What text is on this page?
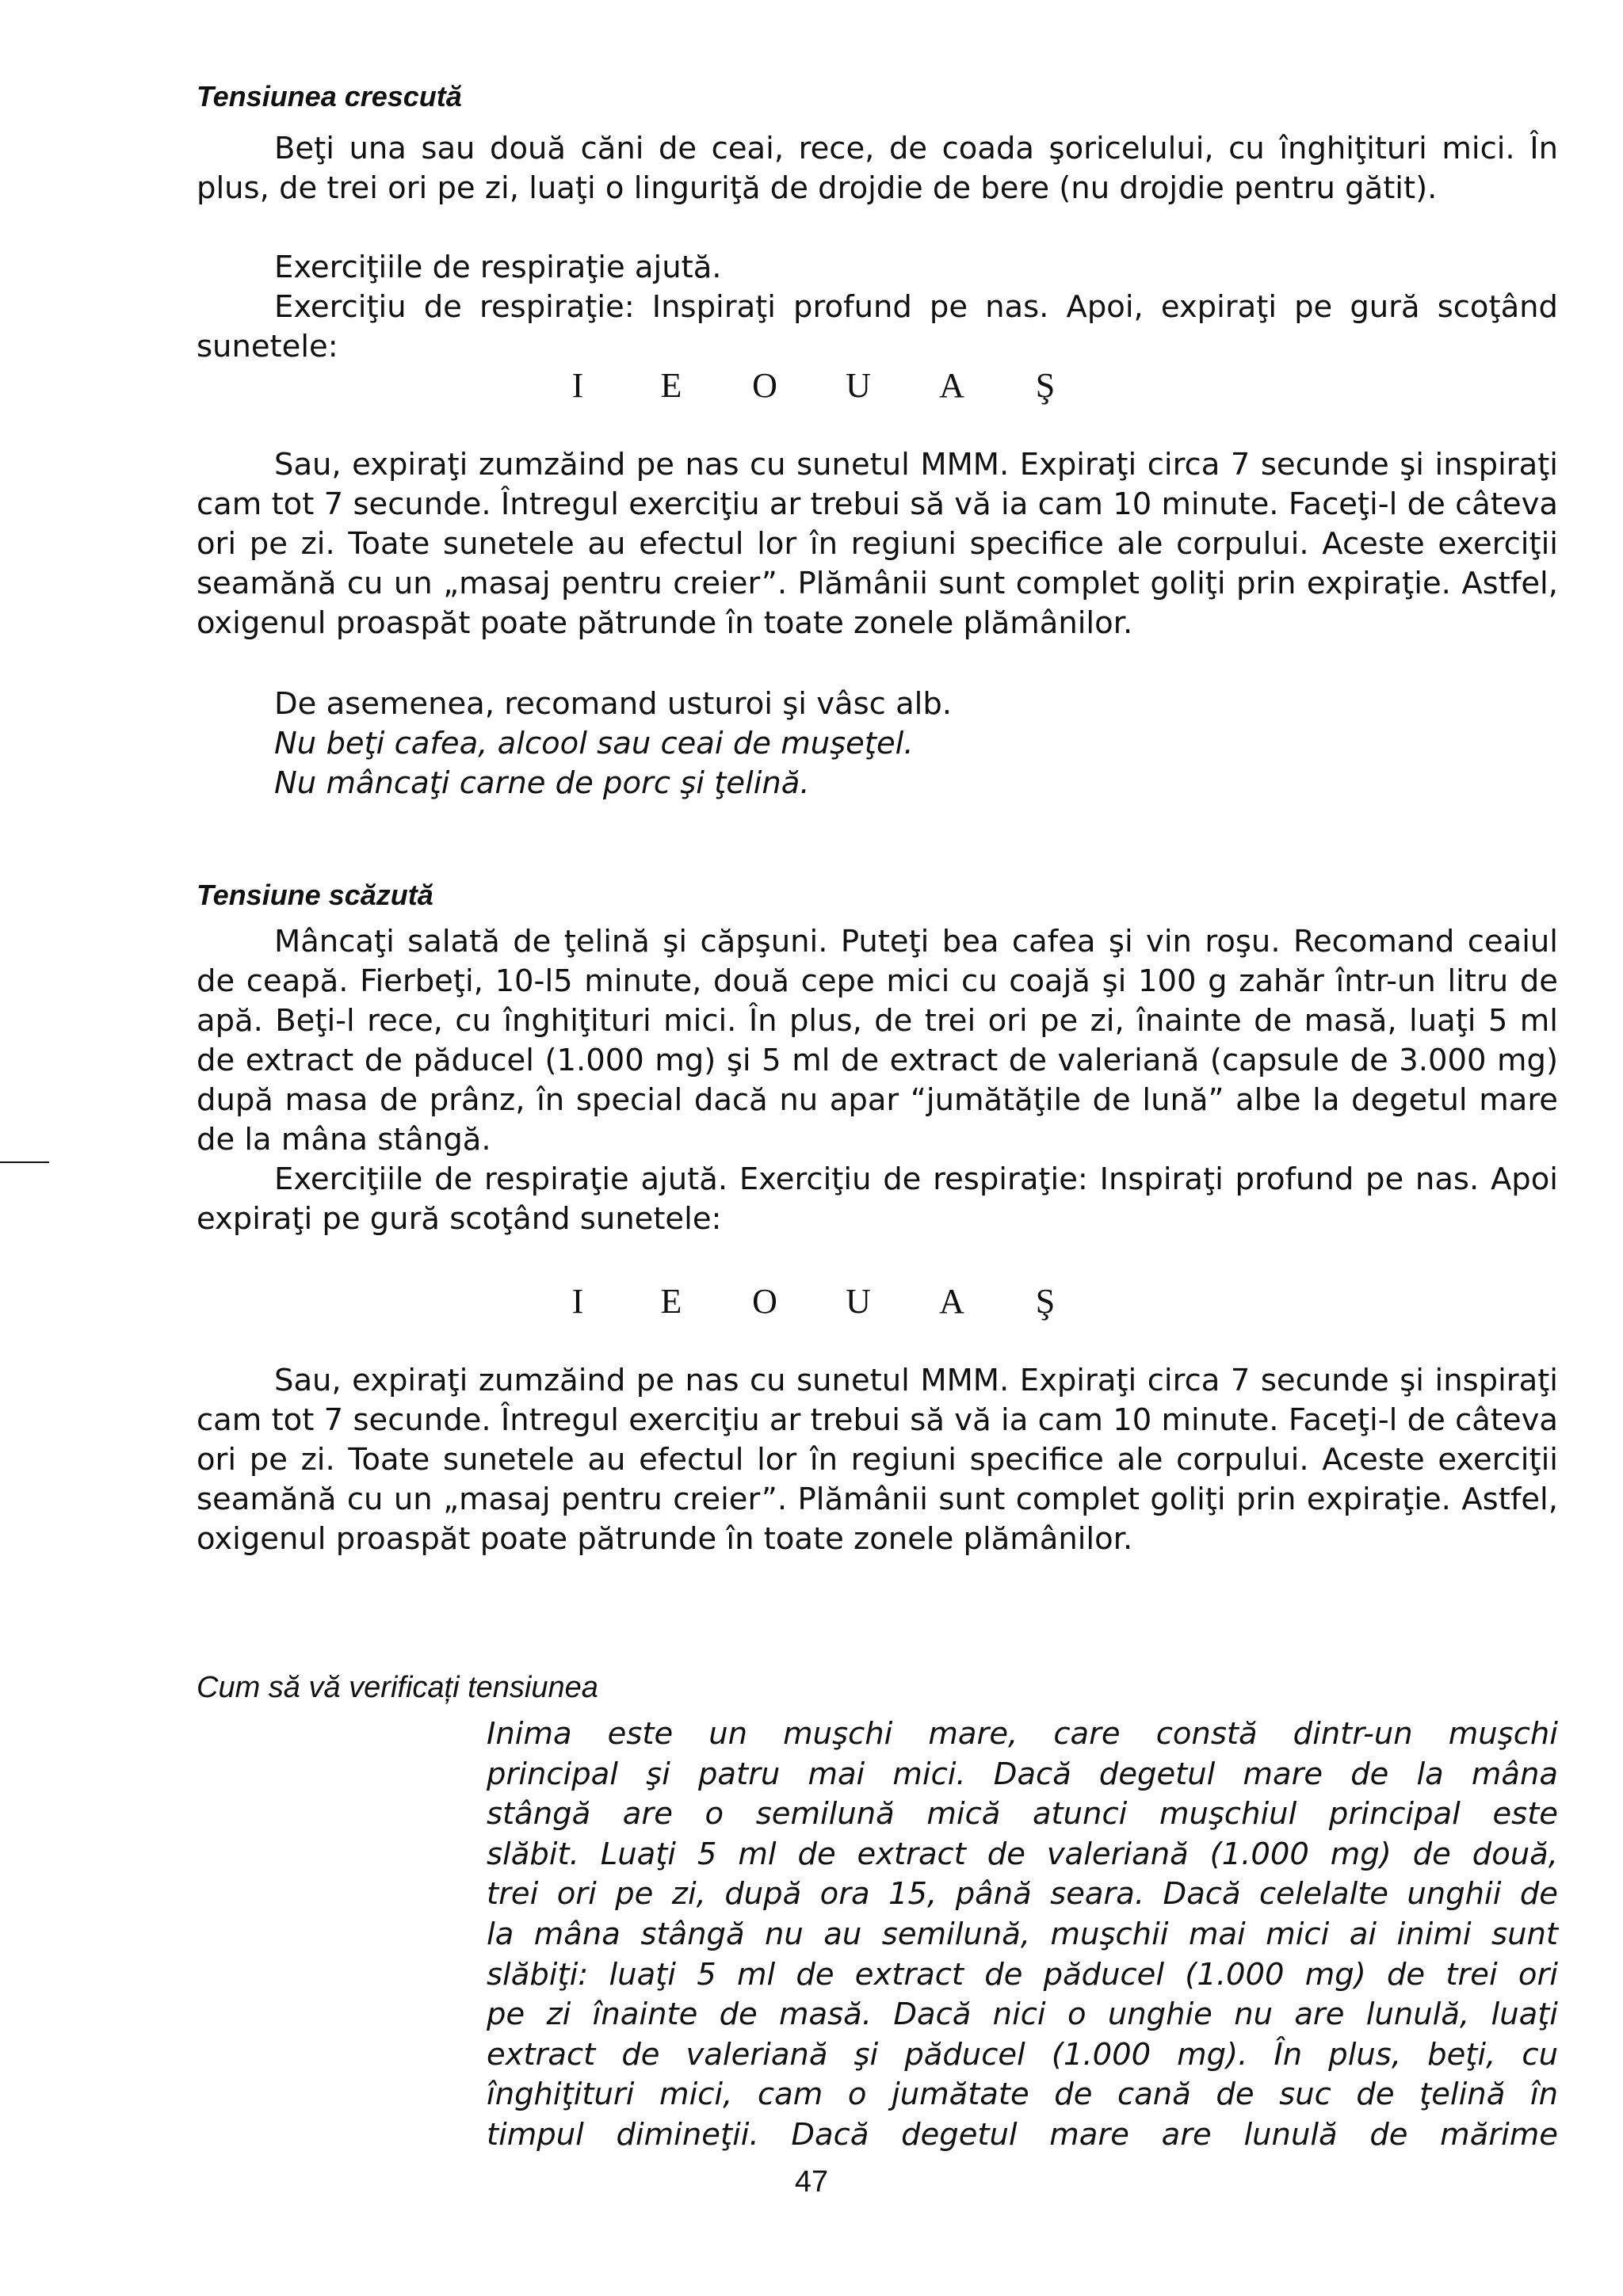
Tensiunea crescută
Beţi una sau două căni de ceai, rece, de coada şoricelului, cu înghiţituri mici. În plus, de trei ori pe zi, luaţi o linguriţă de drojdie de bere (nu drojdie pentru gătit).
Exerciţiile de respiraţie ajută.
Exerciţiu de respiraţie: Inspiraţi profund pe nas. Apoi, expiraţi pe gură scoţând sunetele:
I	E	O U A	Ş
Sau, expiraţi zumzăind pe nas cu sunetul MMM. Expiraţi circa 7 secunde şi inspiraţi cam tot 7 secunde. Întregul exerciţiu ar trebui să vă ia cam 10 minute. Faceţi-l de câteva ori pe zi. Toate sunetele au efectul lor în regiuni specifice ale corpului. Aceste exerciţii seamănă cu un „masaj pentru creier”. Plămânii sunt complet goliţi prin expiraţie. Astfel, oxigenul proaspăt poate pătrunde în toate zonele plămânilor.
De asemenea, recomand usturoi şi vâsc alb.
Nu beţi cafea, alcool sau ceai de muşeţel.
Nu mâncaţi carne de porc şi ţelină.
Tensiune scăzută
Mâncaţi salată de ţelină şi căpşuni. Puteţi bea cafea şi vin roşu. Recomand ceaiul de ceapă. Fierbeţi, 10-l5 minute, două cepe mici cu coajă şi 100 g zahăr într-un litru de apă. Beţi-l rece, cu înghiţituri mici. În plus, de trei ori pe zi, înainte de masă, luaţi 5 ml de extract de păducel (1.000 mg) şi 5 ml de extract de valeriană (capsule de 3.000 mg) după masa de prânz, în special dacă nu apar “jumătăţile de lună” albe la degetul mare de la mâna stângă.
Exerciţiile de respiraţie ajută. Exerciţiu de respiraţie: Inspiraţi profund pe nas. Apoi expiraţi pe gură scoţând sunetele:
I	E	O U A	Ş
Sau, expiraţi zumzăind pe nas cu sunetul MMM. Expiraţi circa 7 secunde şi inspiraţi cam tot 7 secunde. Întregul exerciţiu ar trebui să vă ia cam 10 minute. Faceţi-l de câteva ori pe zi. Toate sunetele au efectul lor în regiuni specifice ale corpului. Aceste exerciţii seamănă cu un „masaj pentru creier”. Plămânii sunt complet goliţi prin expiraţie. Astfel, oxigenul proaspăt poate pătrunde în toate zonele plămânilor.
Cum să vă verificați tensiunea
Inima este un muşchi mare, care constă dintr-un muşchi
principal şi patru mai mici. Dacă degetul mare de la mâna
stângă are o semilună mică atunci muşchiul principal este
slăbit. Luaţi 5 ml de extract de valeriană (1.000 mg) de două,
trei ori pe zi, după ora 15, până seara. Dacă celelalte unghii de
la mâna stângă nu au semilună, muşchii mai mici ai inimi sunt
slăbiţi: luaţi 5 ml de extract de păducel (1.000 mg) de trei ori
pe zi înainte de masă. Dacă nici o unghie nu are lunulă, luaţi
extract de valeriană şi păducel (1.000 mg). În plus, beţi, cu
înghiţituri mici, cam o jumătate de cană de suc de ţelină în
timpul dimineţii. Dacă degetul mare are lunulă de mărime
47
